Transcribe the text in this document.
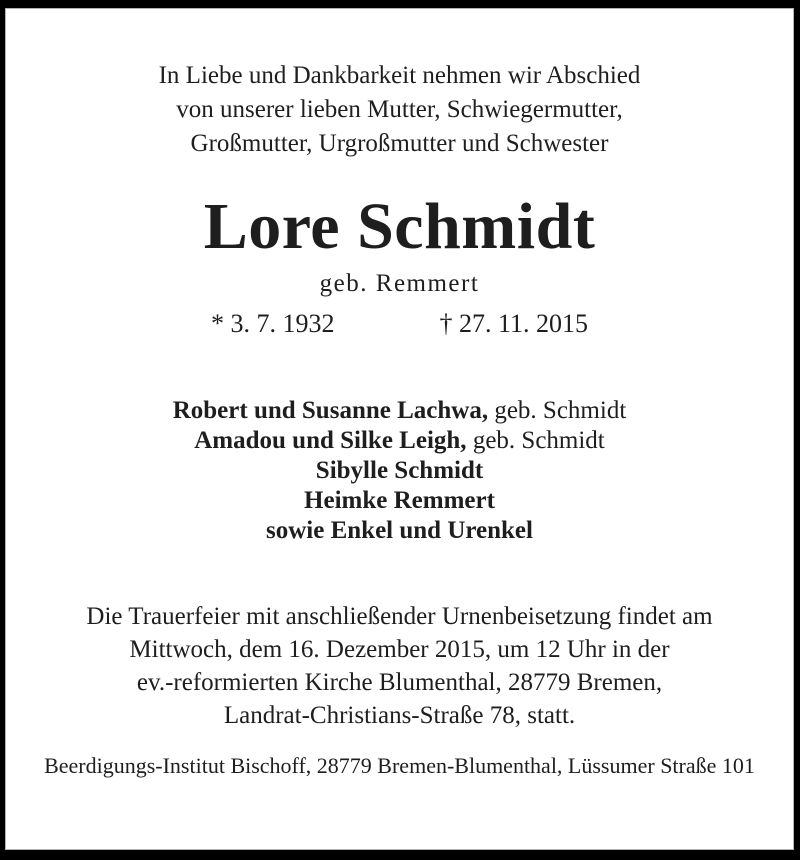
In Liebe und Dankbarkeit nehmen wir Abschied
von unserer lieben Mutter, Schwiegermutter,
Großmutter, Urgroßmutter und Schwester
Lore Schmidt
geb. Remmert
* 3. 7. 1932	† 27. 11. 2015
Robert und Susanne Lachwa, geb. Schmidt
Amadou und Silke Leigh, geb. Schmidt
Sibylle Schmidt
Heimke Remmert
sowie Enkel und Urenkel
Die Trauerfeier mit anschließender Urnenbeisetzung findet am
Mittwoch, dem 16. Dezember 2015, um 12 Uhr in der
ev.-reformierten Kirche Blumenthal, 28779 Bremen,
Landrat-Christians-Straße 78, statt.
Beerdigungs-Institut Bischoff, 28779 Bremen-Blumenthal, Lüssumer Straße 101
